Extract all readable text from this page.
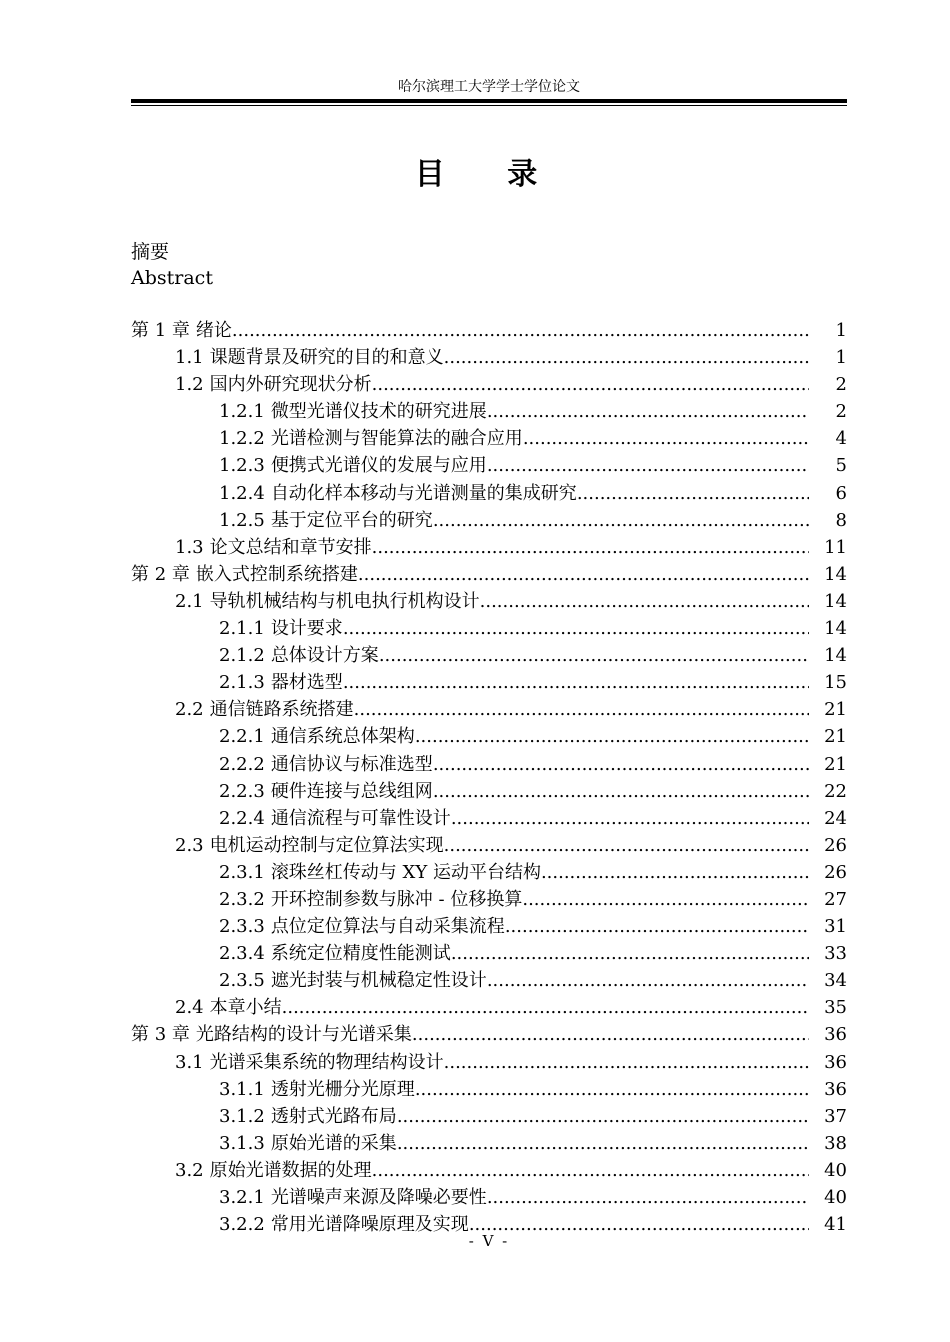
哈尔滨理工大学学士学位论文
目 录
摘要
Abstract
第 1 章 绪论 .....	1
1.1 课题背景及研究的目的和意义 .....	1
1.2 国内外研究现状分析 .....	2
1.2.1 微型光谱仪技术的研究进展 .....	2
1.2.2 光谱检测与智能算法的融合应用 .....	4
1.2.3 便携式光谱仪的发展与应用 .....	5
1.2.4 自动化样本移动与光谱测量的集成研究 .....	6
1.2.5 基于定位平台的研究 .....	8
1.3 论文总结和章节安排 .....	11
第 2 章 嵌入式控制系统搭建 .....	14
2.1 导轨机械结构与机电执行机构设计 .....	14
2.1.1 设计要求 .....	14
2.1.2 总体设计方案 .....	14
2.1.3 器材选型 .....	15
2.2 通信链路系统搭建 .....	21
2.2.1 通信系统总体架构 .....	21
2.2.2 通信协议与标准选型 .....	21
2.2.3 硬件连接与总线组网 .....	22
2.2.4 通信流程与可靠性设计 .....	24
2.3 电机运动控制与定位算法实现 .....	26
2.3.1 滚珠丝杠传动与 XY 运动平台结构 .....	26
2.3.2 开环控制参数与脉冲 - 位移换算 .....	27
2.3.3 点位定位算法与自动采集流程 .....	31
2.3.4 系统定位精度性能测试 .....	33
2.3.5 遮光封装与机械稳定性设计 .....	34
2.4 本章小结 .....	35
第 3 章 光路结构的设计与光谱采集 .....	36
3.1 光谱采集系统的物理结构设计 .....	36
3.1.1 透射光栅分光原理 .....	36
3.1.2 透射式光路布局 .....	37
3.1.3 原始光谱的采集 .....	38
3.2 原始光谱数据的处理 .....	40
3.2.1 光谱噪声来源及降噪必要性 .....	40
3.2.2 常用光谱降噪原理及实现 .....	41
- V -
